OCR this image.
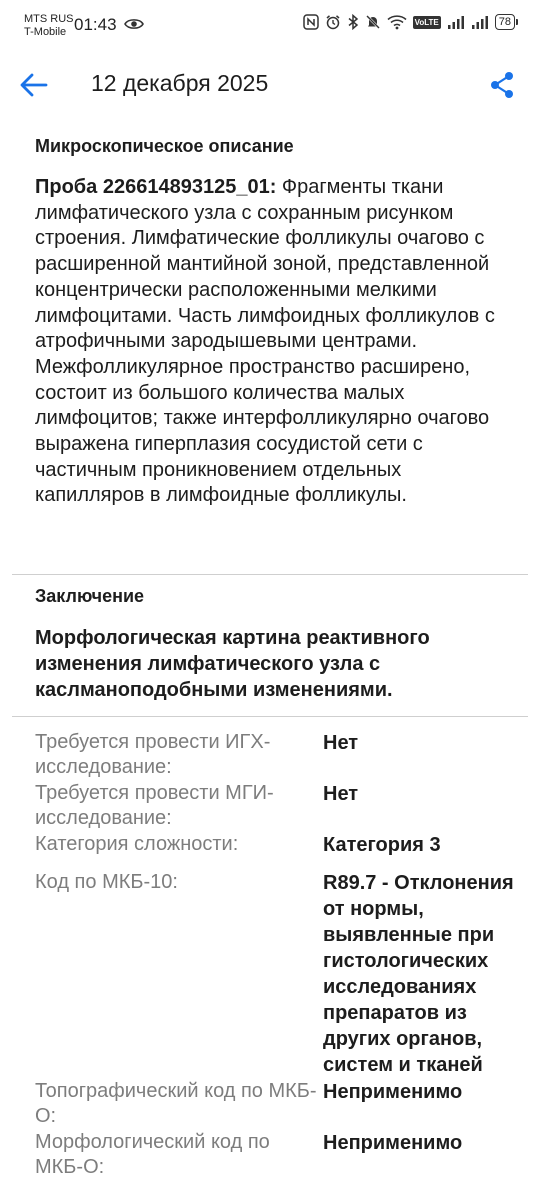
MTS RUS
T-Mobile 01:43	VoLTE	78
12 декабря 2025
Микроскопическое описание
Проба 226614893125_01: Фрагменты ткани лимфатического узла с сохранным рисунком строения. Лимфатические фолликулы очагово с расширенной мантийной зоной, представленной концентрически расположенными мелкими лимфоцитами. Часть лимфоидных фолликулов с атрофичными зародышевыми центрами. Межфолликулярное пространство расширено, состоит из большого количества малых лимфоцитов; также интерфолликулярно очагово выражена гиперплазия сосудистой сети с частичным проникновением отдельных капилляров в лимфоидные фолликулы.
Заключение
Морфологическая картина реактивного изменения лимфатического узла с каслманоподобными изменениями.
Требуется провести ИГХ-исследование:
Нет
Требуется провести МГИ-исследование:
Нет
Категория сложности:	Категория 3
Код по МКБ-10:	R89.7 - Отклонения от нормы, выявленные при гистологических исследованиях препаратов из других органов, систем и тканей
Топографический код по МКБ-О:
Неприменимо
Морфологический код по МКБ-О:
Неприменимо
